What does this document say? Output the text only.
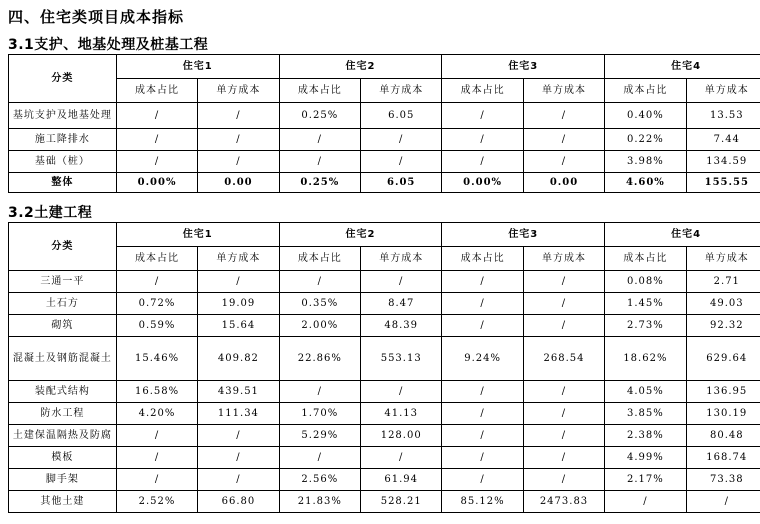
四、住宅类项目成本指标
3.1支护、地基处理及桩基工程
分类	住宅1		住宅2		住宅3		住宅4	
	成本占比	单方成本	成本占比	单方成本	成本占比	单方成本	成本占比	单方成本
基坑支护及地基处理	/	/	0.25%	6.05	/	/	0.40%	13.53
施工降排水	/	/	/	/	/	/	0.22%	7.44
基础（桩）	/	/	/	/	/	/	3.98%	134.59
整体	0.00%	0.00	0.25%	6.05	0.00%	0.00	4.60%	155.55
3.2土建工程
分类	住宅1		住宅2		住宅3		住宅4	
	成本占比	单方成本	成本占比	单方成本	成本占比	单方成本	成本占比	单方成本
三通一平	/	/	/	/	/	/	0.08%	2.71
土石方	0.72%	19.09	0.35%	8.47	/	/	1.45%	49.03
砌筑	0.59%	15.64	2.00%	48.39	/	/	2.73%	92.32
混凝土及钢筋混凝土	15.46%	409.82	22.86%	553.13	9.24%	268.54	18.62%	629.64
装配式结构	16.58%	439.51	/	/	/	/	4.05%	136.95
防水工程	4.20%	111.34	1.70%	41.13	/	/	3.85%	130.19
土建保温隔热及防腐	/	/	5.29%	128.00	/	/	2.38%	80.48
模板	/	/	/	/	/	/	4.99%	168.74
脚手架	/	/	2.56%	61.94	/	/	2.17%	73.38
其他土建	2.52%	66.80	21.83%	528.21	85.12%	2473.83	/	/
